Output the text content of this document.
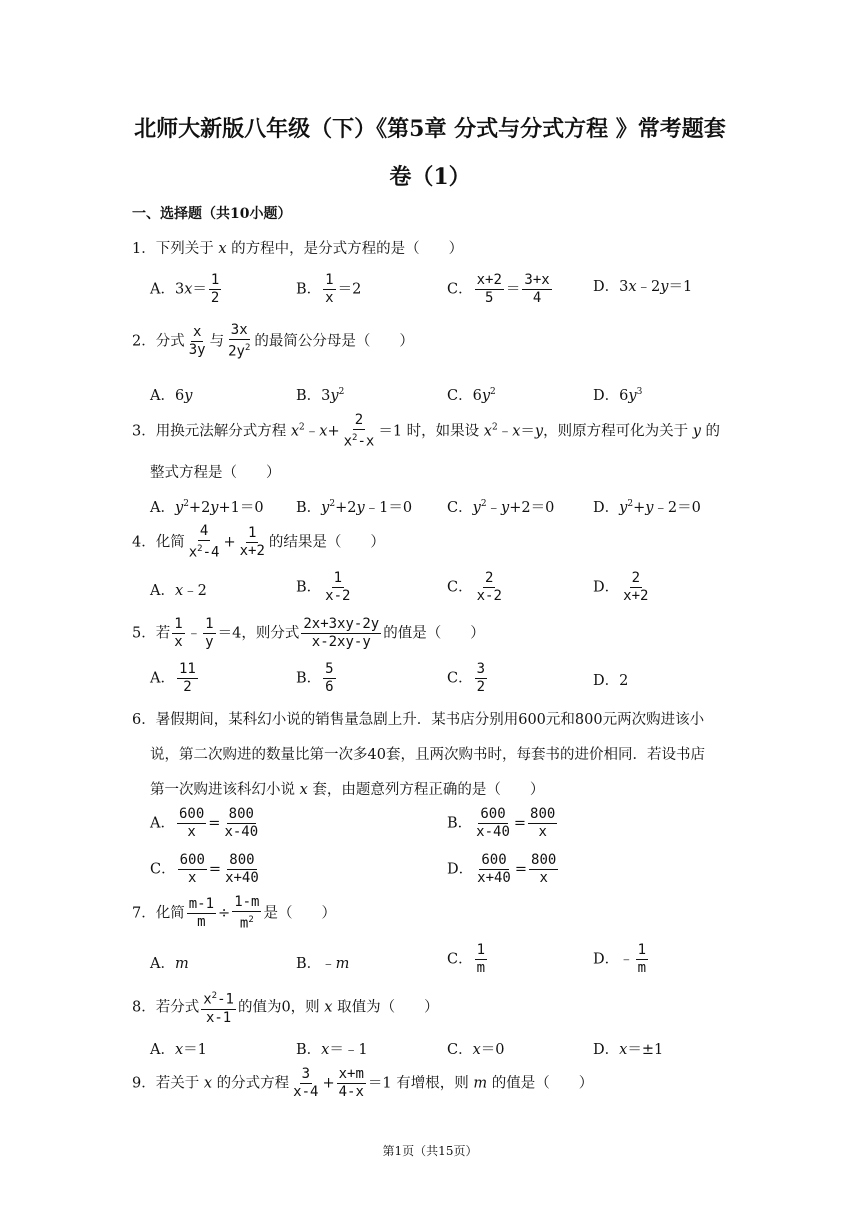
北师大新版八年级（下）《第5章 分式与分式方程 》常考题套
卷（1）
一、选择题（共10小题）
1．下列关于 x 的方程中，是分式方程的是（　　）
A．$3x= \frac{1}{2}$	B． $\frac{1}{x} =2$	C． $\frac{x+2}{5} = \frac{3+x}{4}$	D．3x﹣2y＝1
2．分式 $\frac{x}{3y}$ 与 $\frac{3x}{2y^2}$ 的最简公分母是（　　）
A．6y	B．$3y^2$	C．$6y^2$	D．$6y^3$
3．用换元法解分式方程 $x^2﹣x+ \frac{2}{x^2-x} =1$ 时，如果设 $x^2﹣x=y$，则原方程可化为关于 y 的
整式方程是（　　）
A．$y^2+2y+1=0$ B．$y^2+2y﹣1=0$ C．$y^2﹣y+2=0$	D．$y^2+y﹣2=0$
4．化简 $\frac{4}{x^2-4} + \frac{1}{x+2}$ 的结果是（　　）
A．x﹣2	B． $\frac{1}{x-2}$	C． $\frac{2}{x-2}$	D． $\frac{2}{x+2}$
5．若 $\frac{1}{x}$ ﹣ $\frac{1}{y} =4$，则分式 $\frac{2x+3xy-2y}{x-2xy-y}$ 的值是（　　）
A． $\frac{11}{2}$	B． $\frac{5}{6}$	C． $\frac{3}{2}$	D．2
6．暑假期间，某科幻小说的销售量急剧上升．某书店分别用600元和800元两次购进该小
说，第二次购进的数量比第一次多40套，且两次购书时，每套书的进价相同．若设书店
第一次购进该科幻小说 x 套，由题意列方程正确的是（　　）
A． $\frac{600}{x} = \frac{800}{x-40}$	B． $\frac{600}{x-40} = \frac{800}{x}$
C． $\frac{600}{x} = \frac{800}{x+40}$	D． $\frac{600}{x+40} = \frac{800}{x}$
7．化简 $\frac{m-1}{m} \div \frac{1-m}{m^2}$ 是（　　）
A．m	B．﹣m	C． $\frac{1}{m}$	D．﹣ $\frac{1}{m}$
8．若分式 $\frac{x^2-1}{x-1}$ 的值为0，则 x 取值为（　　）
A．x＝1	B．x＝﹣1	C．x＝0	D．x＝±1
9．若关于 x 的分式方程 $\frac{3}{x-4} + \frac{x+m}{4-x} =1$ 有增根，则 m 的值是（　　）
第1页（共15页）
